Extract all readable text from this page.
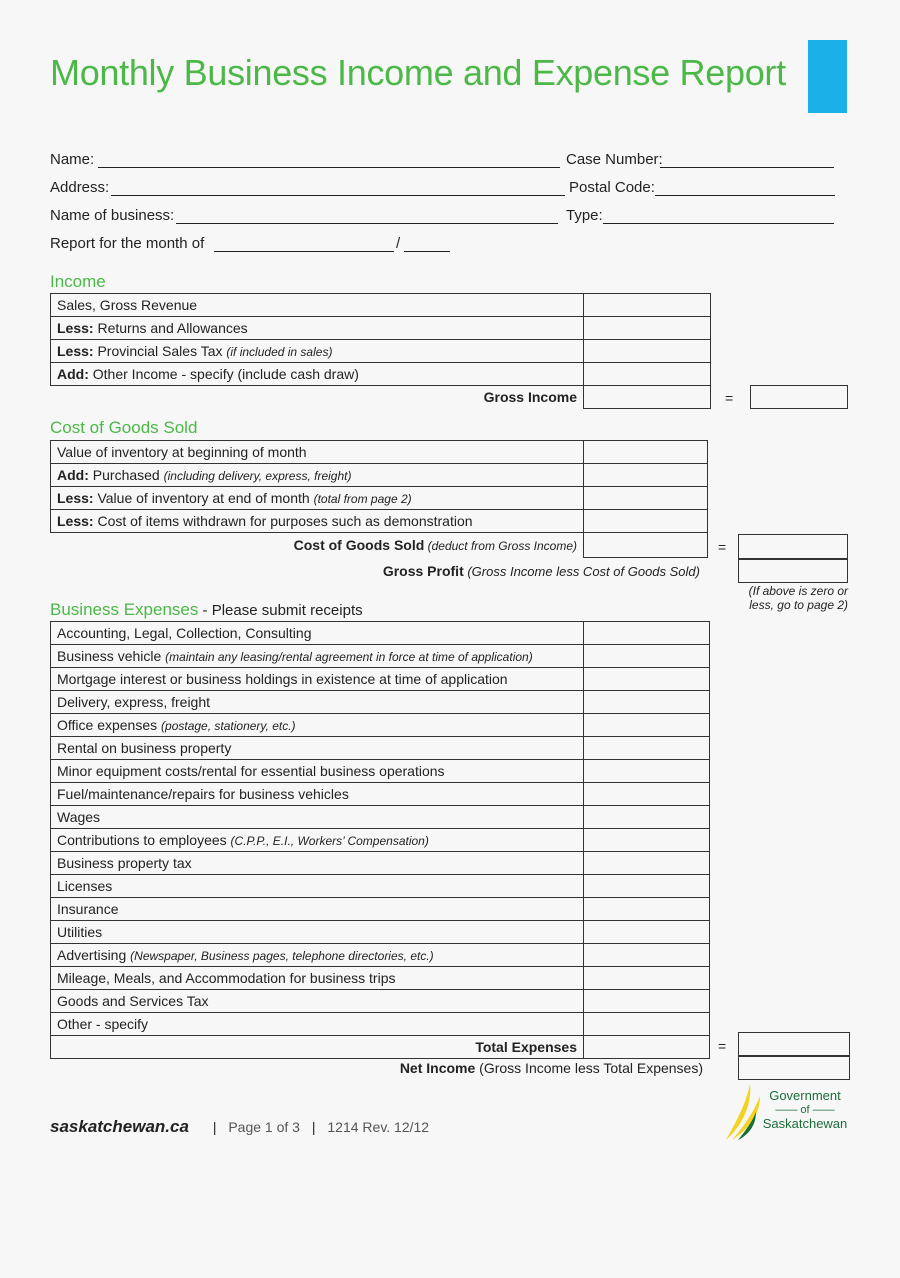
Monthly Business Income and Expense Report
Name:	Case Number:
Address:	Postal Code:
Name of business:	Type:
Report for the month of	/
Income
Sales, Gross Revenue	
Less: Returns and Allowances	
Less: Provincial Sales Tax (if included in sales)	
Add: Other Income - specify (include cash draw)	
Gross Income		=
Cost of Goods Sold
Value of inventory at beginning of month	
Add: Purchased (including delivery, express, freight)	
Less: Value of inventory at end of month (total from page 2)	
Less: Cost of items withdrawn for purposes such as demonstration	
Cost of Goods Sold (deduct from Gross Income)		=
Gross Profit (Gross Income less Cost of Goods Sold)
(If above is zero or less, go to page 2)
Business Expenses - Please submit receipts
Accounting, Legal, Collection, Consulting	
Business vehicle (maintain any leasing/rental agreement in force at time of application)	
Mortgage interest or business holdings in existence at time of application	
Delivery, express, freight	
Office expenses (postage, stationery, etc.)	
Rental on business property	
Minor equipment costs/rental for essential business operations	
Fuel/maintenance/repairs for business vehicles	
Wages	
Contributions to employees (C.P.P., E.I., Workers’ Compensation)	
Business property tax	
Licenses	
Insurance	
Utilities	
Advertising (Newspaper, Business pages, telephone directories, etc.)	
Mileage, Meals, and Accommodation for business trips	
Goods and Services Tax	
Other - specify	
Total Expenses		=
Net Income (Gross Income less Total Expenses)
saskatchewan.ca | Page 1 of 3 | 1214 Rev. 12/12
Government
—— of ——
Saskatchewan
